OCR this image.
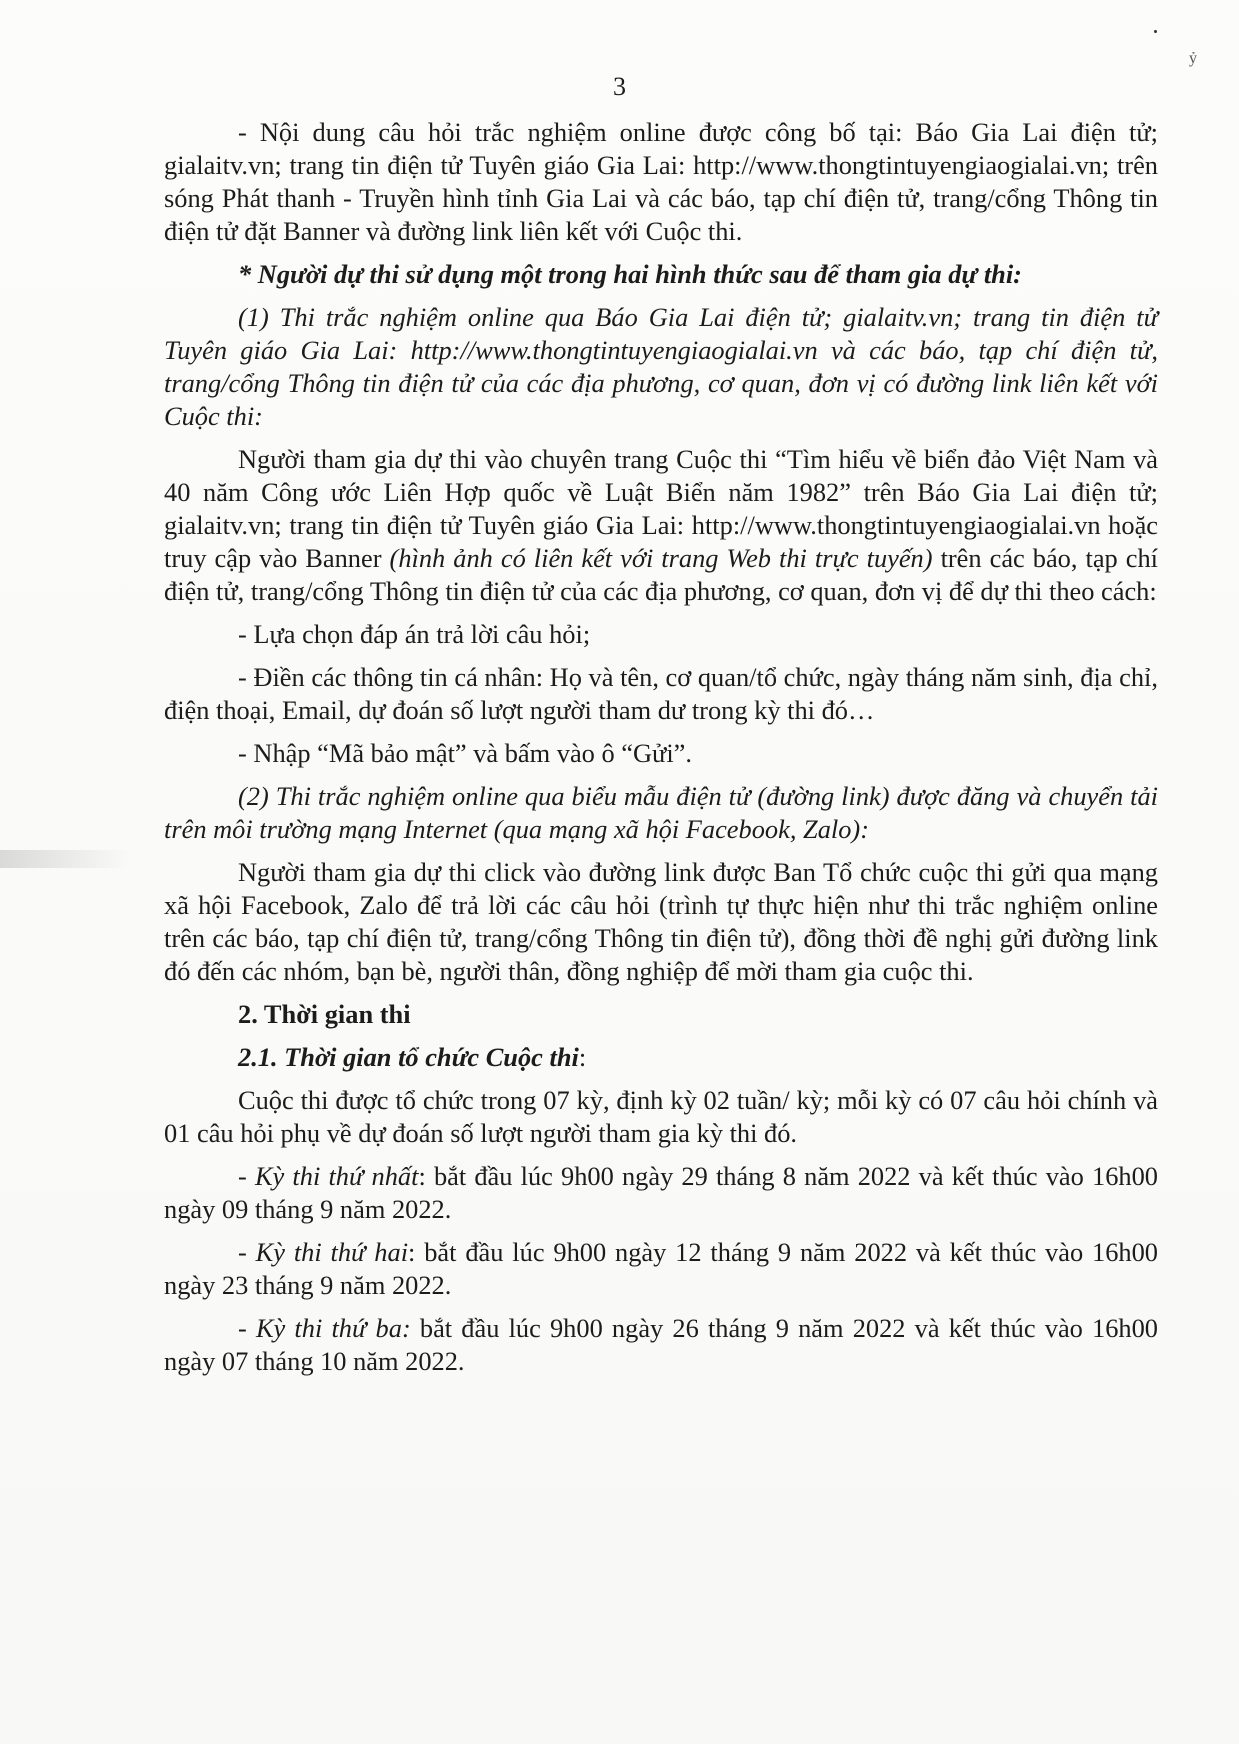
ỷ
3

- Nội dung câu hỏi trắc nghiệm online được công bố tại: Báo Gia Lai điện tử; gialaitv.vn; trang tin điện tử Tuyên giáo Gia Lai: http://www.thongtintuyengiaogialai.vn; trên sóng Phát thanh - Truyền hình tỉnh Gia Lai và các báo, tạp chí điện tử, trang/cổng Thông tin điện tử đặt Banner và đường link liên kết với Cuộc thi.

* Người dự thi sử dụng một trong hai hình thức sau để tham gia dự thi:

(1) Thi trắc nghiệm online qua Báo Gia Lai điện tử; gialaitv.vn; trang tin điện tử Tuyên giáo Gia Lai: http://www.thongtintuyengiaogialai.vn và các báo, tạp chí điện tử, trang/cổng Thông tin điện tử của các địa phương, cơ quan, đơn vị có đường link liên kết với Cuộc thi:

Người tham gia dự thi vào chuyên trang Cuộc thi “Tìm hiểu về biển đảo Việt Nam và 40 năm Công ước Liên Hợp quốc về Luật Biển năm 1982” trên Báo Gia Lai điện tử; gialaitv.vn; trang tin điện tử Tuyên giáo Gia Lai: http://www.thongtintuyengiaogialai.vn hoặc truy cập vào Banner (hình ảnh có liên kết với trang Web thi trực tuyến) trên các báo, tạp chí điện tử, trang/cổng Thông tin điện tử của các địa phương, cơ quan, đơn vị để dự thi theo cách:

- Lựa chọn đáp án trả lời câu hỏi;

- Điền các thông tin cá nhân: Họ và tên, cơ quan/tổ chức, ngày tháng năm sinh, địa chỉ, điện thoại, Email, dự đoán số lượt người tham dư trong kỳ thi đó…

- Nhập “Mã bảo mật” và bấm vào ô “Gửi”.

(2) Thi trắc nghiệm online qua biểu mẫu điện tử (đường link) được đăng và chuyển tải trên môi trường mạng Internet (qua mạng xã hội Facebook, Zalo):

Người tham gia dự thi click vào đường link được Ban Tổ chức cuộc thi gửi qua mạng xã hội Facebook, Zalo để trả lời các câu hỏi (trình tự thực hiện như thi trắc nghiệm online trên các báo, tạp chí điện tử, trang/cổng Thông tin điện tử), đồng thời đề nghị gửi đường link đó đến các nhóm, bạn bè, người thân, đồng nghiệp để mời tham gia cuộc thi.

2. Thời gian thi

2.1. Thời gian tổ chức Cuộc thi:

Cuộc thi được tổ chức trong 07 kỳ, định kỳ 02 tuần/ kỳ; mỗi kỳ có 07 câu hỏi chính và 01 câu hỏi phụ về dự đoán số lượt người tham gia kỳ thi đó.

- Kỳ thi thứ nhất: bắt đầu lúc 9h00 ngày 29 tháng 8 năm 2022 và kết thúc vào 16h00 ngày 09 tháng 9 năm 2022.

- Kỳ thi thứ hai: bắt đầu lúc 9h00 ngày 12 tháng 9 năm 2022 và kết thúc vào 16h00 ngày 23 tháng 9 năm 2022.

- Kỳ thi thứ ba: bắt đầu lúc 9h00 ngày 26 tháng 9 năm 2022 và kết thúc vào 16h00 ngày 07 tháng 10 năm 2022.
